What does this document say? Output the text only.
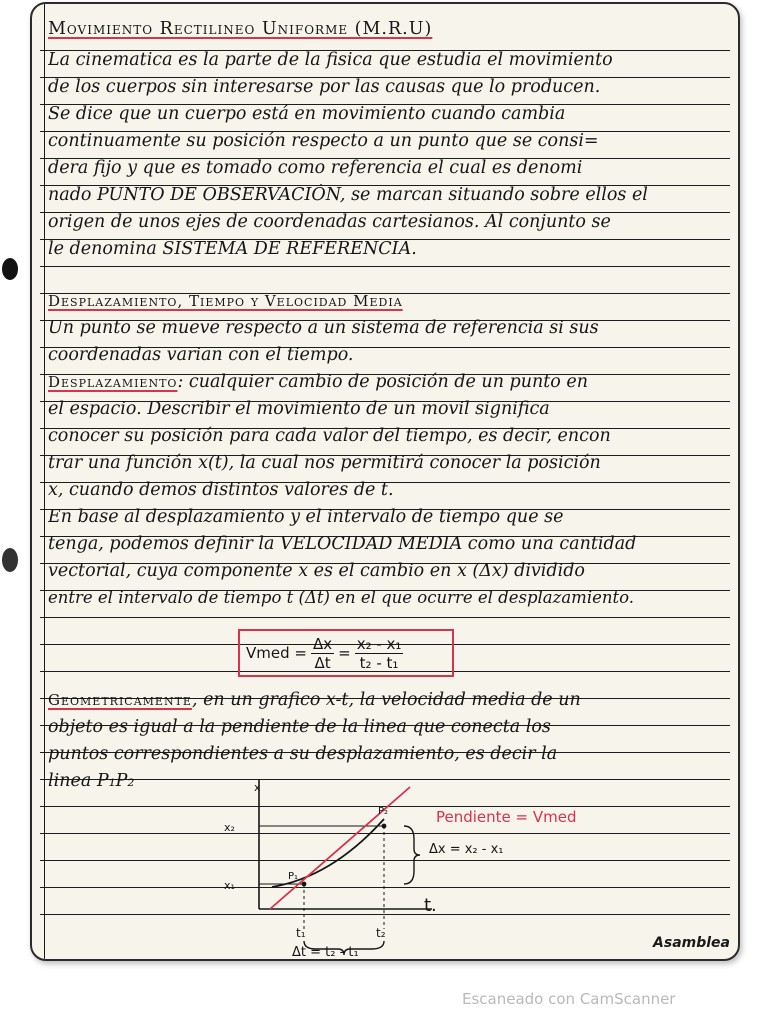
Movimiento Rectilineo Uniforme (M.R.U)
La cinematica es la parte de la fisica que estudia el movimiento
de los cuerpos sin interesarse por las causas que lo producen.
Se dice que un cuerpo está en movimiento cuando cambia
continuamente su posición respecto a un punto que se consi=
dera fijo y que es tomado como referencia el cual es denomi
nado PUNTO DE OBSERVACIÓN, se marcan situando sobre ellos el
origen de unos ejes de coordenadas cartesianos. Al conjunto se
le denomina SISTEMA DE REFERENCIA.
Desplazamiento, Tiempo y Velocidad Media
Un punto se mueve respecto a un sistema de referencia si sus
coordenadas varian con el tiempo.
Desplazamiento: cualquier cambio de posición de un punto en
el espacio. Describir el movimiento de un movil significa
conocer su posición para cada valor del tiempo, es decir, encon
trar una función x(t), la cual nos permitirá conocer la posición
x, cuando demos distintos valores de t.
En base al desplazamiento y el intervalo de tiempo que se
tenga, podemos definir la VELOCIDAD MEDIA como una cantidad
vectorial, cuya componente x es el cambio en x (Δx) dividido
entre el intervalo de tiempo t (Δt) en el que ocurre el desplazamiento.
Vmed = $\frac{\Delta x}{\Delta t} = \frac{\text{x₂ - x₁}}{\text{t₂ - t₁}}$
Geometricamente, en un grafico x-t, la velocidad media de un
objeto es igual a la pendiente de la linea que conecta los
puntos correspondientes a su desplazamiento, es decir la
linea P₁P₂	x
t.
x₂
x₁
P₁
P₂	Pendiente = Vmed
Δx = x₂ - x₁
t₁	t₂
Asamblea
Δt = t₂ - t₁
Escaneado con CamScanner
